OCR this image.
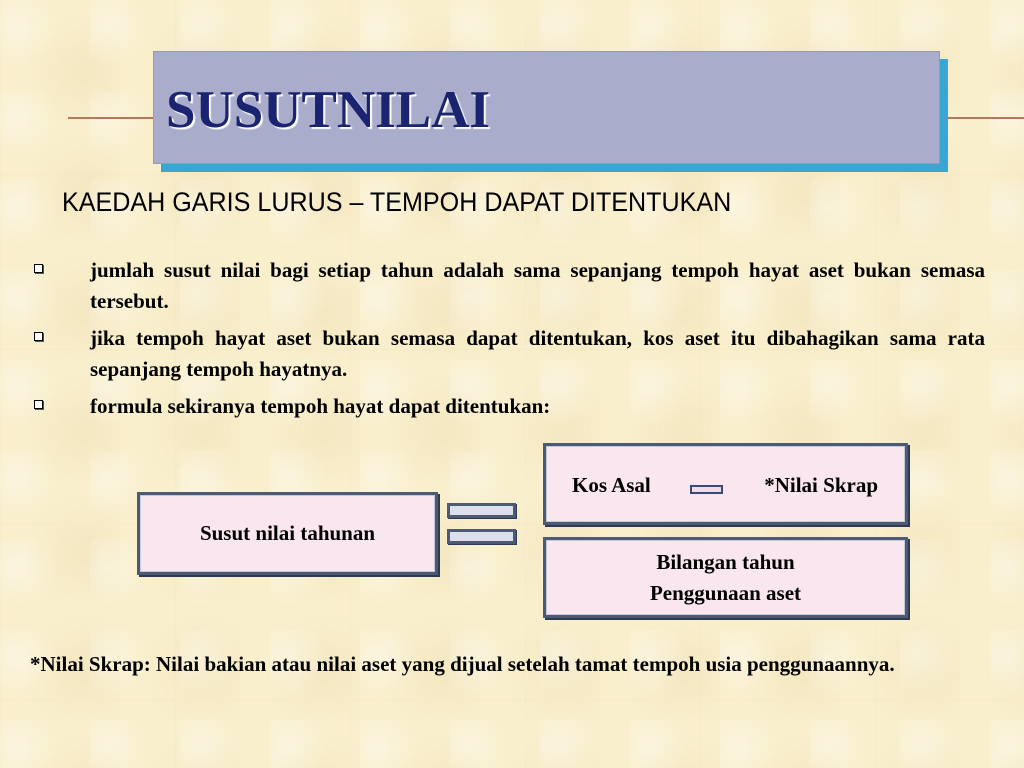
SUSUTNILAI
KAEDAH GARIS LURUS – TEMPOH DAPAT DITENTUKAN
jumlah susut nilai bagi setiap tahun adalah sama sepanjang tempoh hayat aset bukan semasa tersebut.
jika tempoh hayat aset bukan semasa dapat ditentukan, kos aset itu dibahagikan sama rata sepanjang tempoh hayatnya.
formula sekiranya tempoh hayat dapat ditentukan:
Susut nilai tahunan
Kos Asal	*Nilai Skrap
Bilangan tahun
Penggunaan aset
*Nilai Skrap: Nilai bakian atau nilai aset yang dijual setelah tamat tempoh usia penggunaannya.
